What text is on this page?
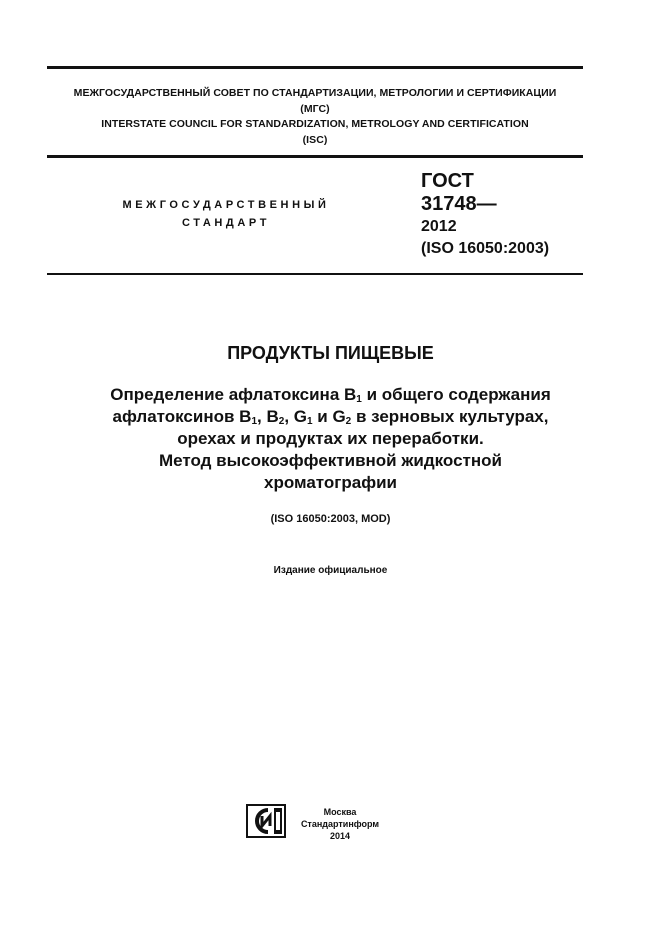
МЕЖГОСУДАРСТВЕННЫЙ СОВЕТ ПО СТАНДАРТИЗАЦИИ, МЕТРОЛОГИИ И СЕРТИФИКАЦИИ
(МГС)
INTERSTATE COUNCIL FOR STANDARDIZATION, METROLOGY AND CERTIFICATION
(ISC)
МЕЖГОСУДАРСТВЕННЫЙ
СТАНДАРТ
ГОСТ
31748—
2012
(ISO 16050:2003)
ПРОДУКТЫ ПИЩЕВЫЕ
Определение афлатоксина $B_1$ и общего содержания
афлатоксинов $B_1$, $B_2$, $G_1$ и $G_2$ в зерновых культурах,
орехах и продуктах их переработки.
Метод высокоэффективной жидкостной
хроматографии
(ISO 16050:2003, MOD)
Издание официальное
Москва
Стандартинформ
2014
